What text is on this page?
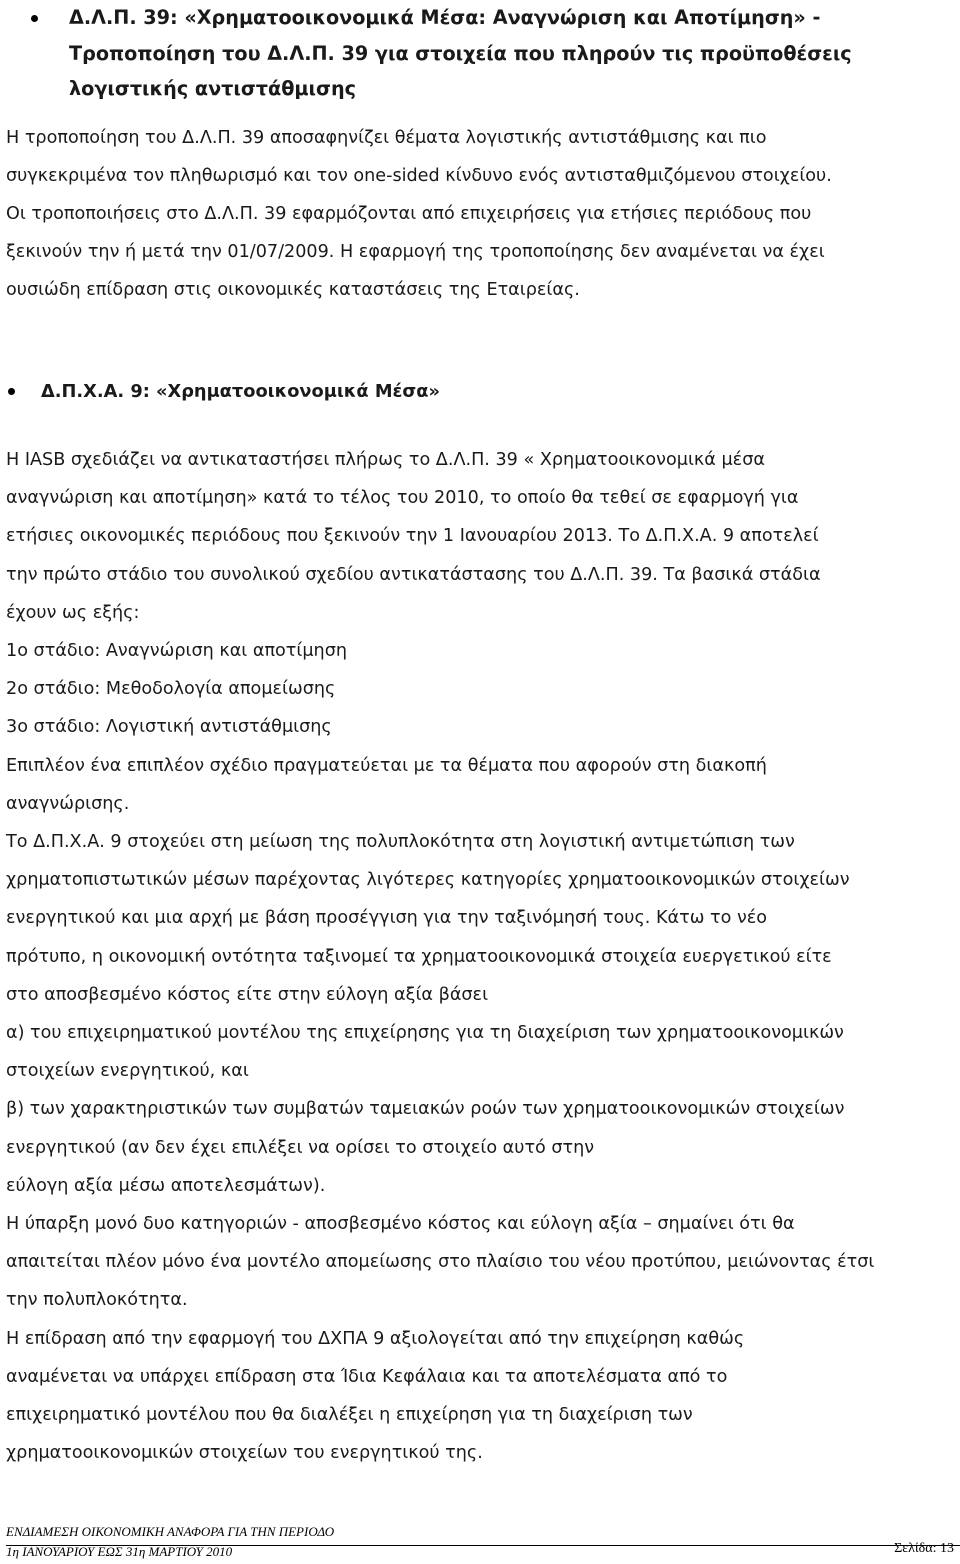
Δ.Λ.Π. 39: «Χρηματοοικονομικά Μέσα: Αναγνώριση και Αποτίμηση» -
Τροποποίηση του Δ.Λ.Π. 39 για στοιχεία που πληρούν τις προϋποθέσεις
λογιστικής αντιστάθμισης
Η τροποποίηση του Δ.Λ.Π. 39 αποσαφηνίζει θέματα λογιστικής αντιστάθμισης και πιο
συγκεκριμένα τον πληθωρισμό και τον one-sided κίνδυνο ενός αντισταθμιζόμενου στοιχείου.
Οι τροποποιήσεις στο Δ.Λ.Π. 39 εφαρμόζονται από επιχειρήσεις για ετήσιες περιόδους που
ξεκινούν την ή μετά την 01/07/2009. Η εφαρμογή της τροποποίησης δεν αναμένεται να έχει
ουσιώδη επίδραση στις οικονομικές καταστάσεις της Εταιρείας.
Δ.Π.Χ.Α. 9: «Χρηματοοικονομικά Μέσα»
Η IASB σχεδιάζει να αντικαταστήσει πλήρως το Δ.Λ.Π. 39 « Χρηματοοικονομικά μέσα
αναγνώριση και αποτίμηση» κατά το τέλος του 2010, το οποίο θα τεθεί σε εφαρμογή για
ετήσιες οικονομικές περιόδους που ξεκινούν την 1 Ιανουαρίου 2013. Το Δ.Π.Χ.Α. 9 αποτελεί
την πρώτο στάδιο του συνολικού σχεδίου αντικατάστασης του Δ.Λ.Π. 39. Τα βασικά στάδια
έχουν ως εξής:
1ο στάδιο: Αναγνώριση και αποτίμηση
2ο στάδιο: Μεθοδολογία απομείωσης
3ο στάδιο: Λογιστική αντιστάθμισης
Επιπλέον ένα επιπλέον σχέδιο πραγματεύεται με τα θέματα που αφορούν στη διακοπή
αναγνώρισης.
Το Δ.Π.Χ.Α. 9 στοχεύει στη μείωση της πολυπλοκότητα στη λογιστική αντιμετώπιση των
χρηματοπιστωτικών μέσων παρέχοντας λιγότερες κατηγορίες χρηματοοικονομικών στοιχείων
ενεργητικού και μια αρχή με βάση προσέγγιση για την ταξινόμησή τους. Κάτω το νέο
πρότυπο, η οικονομική οντότητα ταξινομεί τα χρηματοοικονομικά στοιχεία ευεργετικού είτε
στο αποσβεσμένο κόστος είτε στην εύλογη αξία βάσει
α) του επιχειρηματικού μοντέλου της επιχείρησης για τη διαχείριση των χρηματοοικονομικών
στοιχείων ενεργητικού, και
β) των χαρακτηριστικών των συμβατών ταμειακών ροών των χρηματοοικονομικών στοιχείων
ενεργητικού (αν δεν έχει επιλέξει να ορίσει το στοιχείο αυτό στην
εύλογη αξία μέσω αποτελεσμάτων).
Η ύπαρξη μονό δυο κατηγοριών - αποσβεσμένο κόστος και εύλογη αξία – σημαίνει ότι θα
απαιτείται πλέον μόνο ένα μοντέλο απομείωσης στο πλαίσιο του νέου προτύπου, μειώνοντας έτσι
την πολυπλοκότητα.
Η επίδραση από την εφαρμογή του ΔΧΠΑ 9 αξιολογείται από την επιχείρηση καθώς
αναμένεται να υπάρχει επίδραση στα Ίδια Κεφάλαια και τα αποτελέσματα από το
επιχειρηματικό μοντέλου που θα διαλέξει η επιχείρηση για τη διαχείριση των
χρηματοοικονομικών στοιχείων του ενεργητικού της.
ΕΝΔΙΑΜΕΣΗ ΟΙΚΟΝΟΜΙΚΗ ΑΝΑΦΟΡΑ ΓΙΑ ΤΗΝ ΠΕΡΙΟΔΟ
1η ΙΑΝΟΥΑΡΙΟΥ ΕΩΣ 31η ΜΑΡΤΙΟΥ 2010	Σελίδα: 13
